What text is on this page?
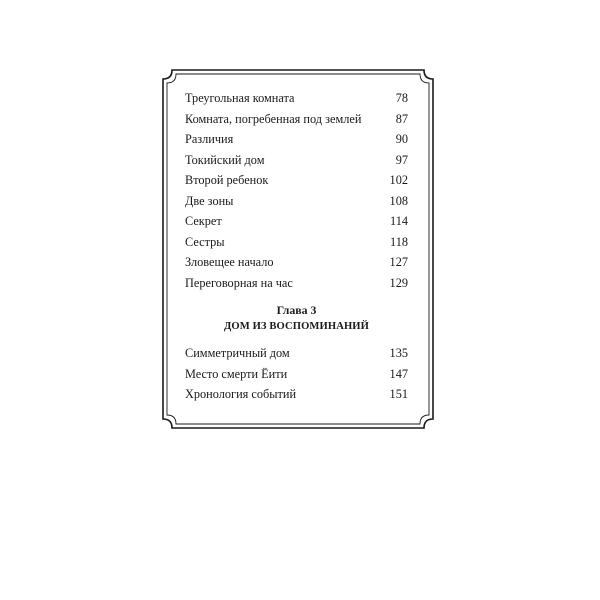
Треугольная комната	78
Комната, погребенная под землей	87
Различия	90
Токийский дом	97
Второй ребенок	102
Две зоны	108
Секрет	114
Сестры	118
Зловещее начало	127
Переговорная на час	129
Глава 3
ДОМ ИЗ ВОСПОМИНАНИЙ
Симметричный дом	135
Место смерти Ёити	147
Хронология событий	151
